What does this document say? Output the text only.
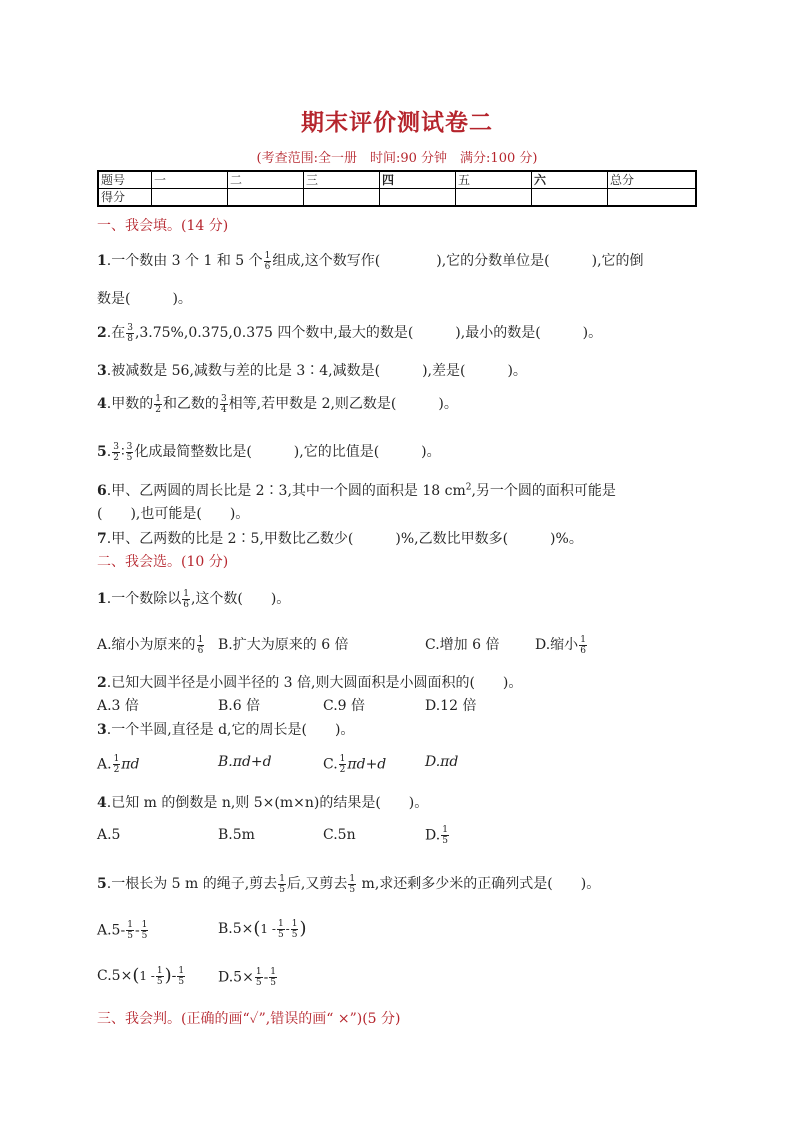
期末评价测试卷二
(考查范围:全一册　时间:90 分钟　满分:100 分)
题号	一	二	三	四	五	六	总分
得分							
一、我会填。(14 分)
1.一个数由 3 个 1 和 5 个 $\frac{1}{6}$ 组成,这个数写作(　　　　),它的分数单位是(　　　),它的倒
数是(　　　)。
2.在 $\frac{3}{8} ,3.75\%,0.375,0.375$ 四个数中,最大的数是(　　　),最小的数是(　　　)。
3.被减数是 56,减数与差的比是 3∶4,减数是(　　　),差是(　　　)。
4.甲数的 $\frac{1}{2}$ 和乙数的 $\frac{3}{4}$ 相等,若甲数是 2,则乙数是(　　　)。
5. $\frac{3}{2}$ ∶ $\frac{3}{5}$ 化成最简整数比是(　　　),它的比值是(　　　)。
6.甲、乙两圆的周长比是 2∶3,其中一个圆的面积是 18 $cm^2$,另一个圆的面积可能是
(　　),也可能是(　　)。
7.甲、乙两数的比是 2∶5,甲数比乙数少(　　　)%,乙数比甲数多(　　　)%。
二、我会选。(10 分)
1.一个数除以 $\frac{1}{6}$ ,这个数(　　)。
A.缩小为原来的 $\frac{1}{6} B$.扩大为原来的 6 倍	C.增加 6 倍	D.缩小 $\frac{1}{6}$
2.已知大圆半径是小圆半径的 3 倍,则大圆面积是小圆面积的(　　)。
A.3 倍	B.6 倍	C.9 倍	D.12 倍
3.一个半圆,直径是 d,它的周长是(　　)。
A. $\frac{1}{2}$ πd	B.πd+d	C. $\frac{1}{2} \pi d+d$	D.πd
4.已知 m 的倒数是 n,则 5×(m×n)的结果是(　　)。
A.5	B.5m	C.5n	D. $\frac{1}{5}$
5.一根长为 5 m 的绳子,剪去 $\frac{1}{5}$ 后,又剪去 $\frac{1}{5} m$,求还剩多少米的正确列式是(　　)。
$A.5- \frac{1}{5} - \frac{1}{5}$	$B.5\times(1 - \frac{1}{5} - \frac{1}{5}$ )
$C.5\times(1 - \frac{1}{5}$ )- $\frac{1}{5} D.5\times \frac{1}{5} - \frac{1}{5}$
三、我会判。(正确的画“✓”,错误的画“ ×”)(5 分)
